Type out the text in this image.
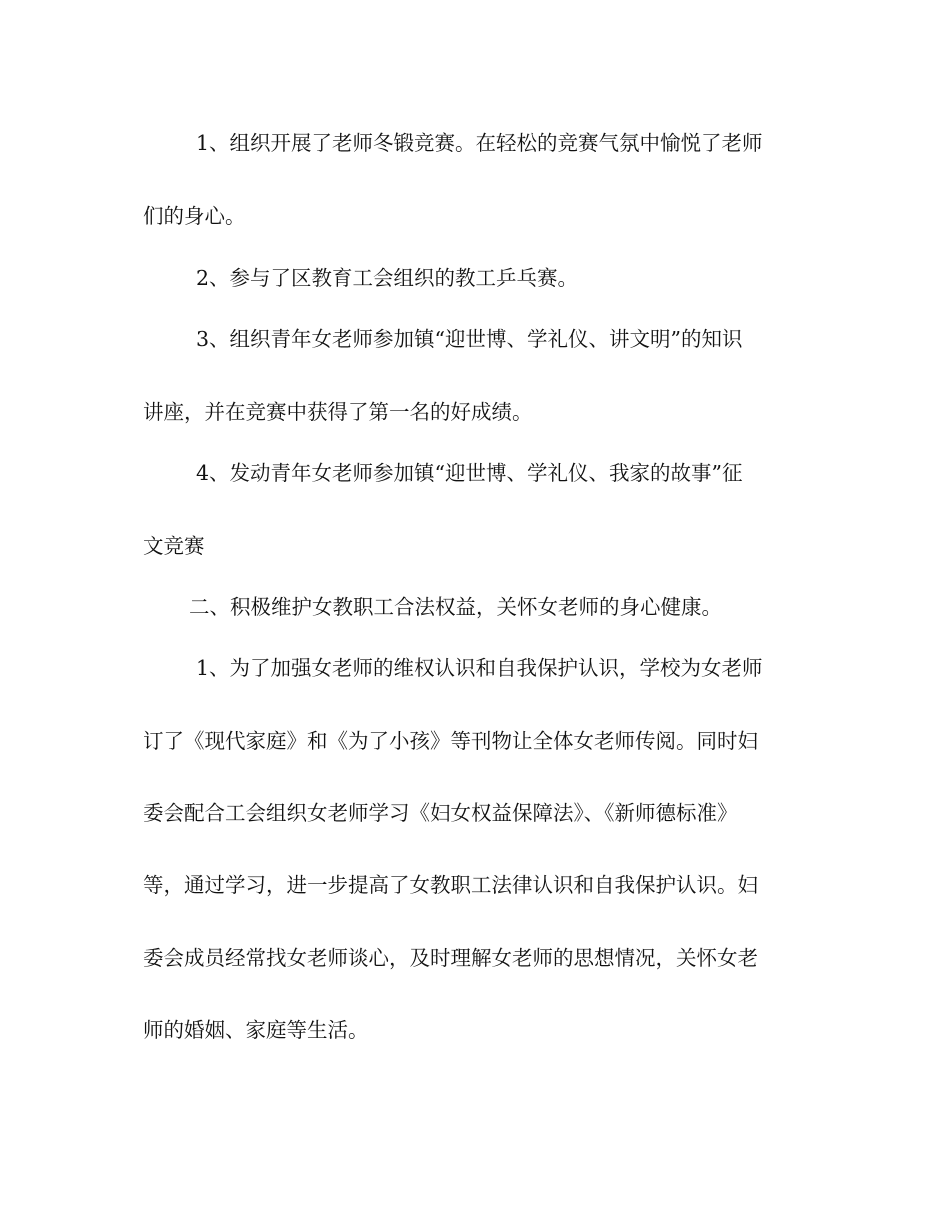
1、组织开展了老师冬锻竞赛。在轻松的竞赛气氛中愉悦了老师
们的身心。
2、参与了区教育工会组织的教工乒乓赛。
3、组织青年女老师参加镇“迎世博、学礼仪、讲文明”的知识
讲座，并在竞赛中获得了第一名的好成绩。
4、发动青年女老师参加镇“迎世博、学礼仪、我家的故事”征
文竞赛
二、积极维护女教职工合法权益，关怀女老师的身心健康。
1、为了加强女老师的维权认识和自我保护认识，学校为女老师
订了《现代家庭》和《为了小孩》等刊物让全体女老师传阅。同时妇
委会配合工会组织女老师学习《妇女权益保障法》、《新师德标准》
等，通过学习，进一步提高了女教职工法律认识和自我保护认识。妇
委会成员经常找女老师谈心，及时理解女老师的思想情况，关怀女老
师的婚姻、家庭等生活。
